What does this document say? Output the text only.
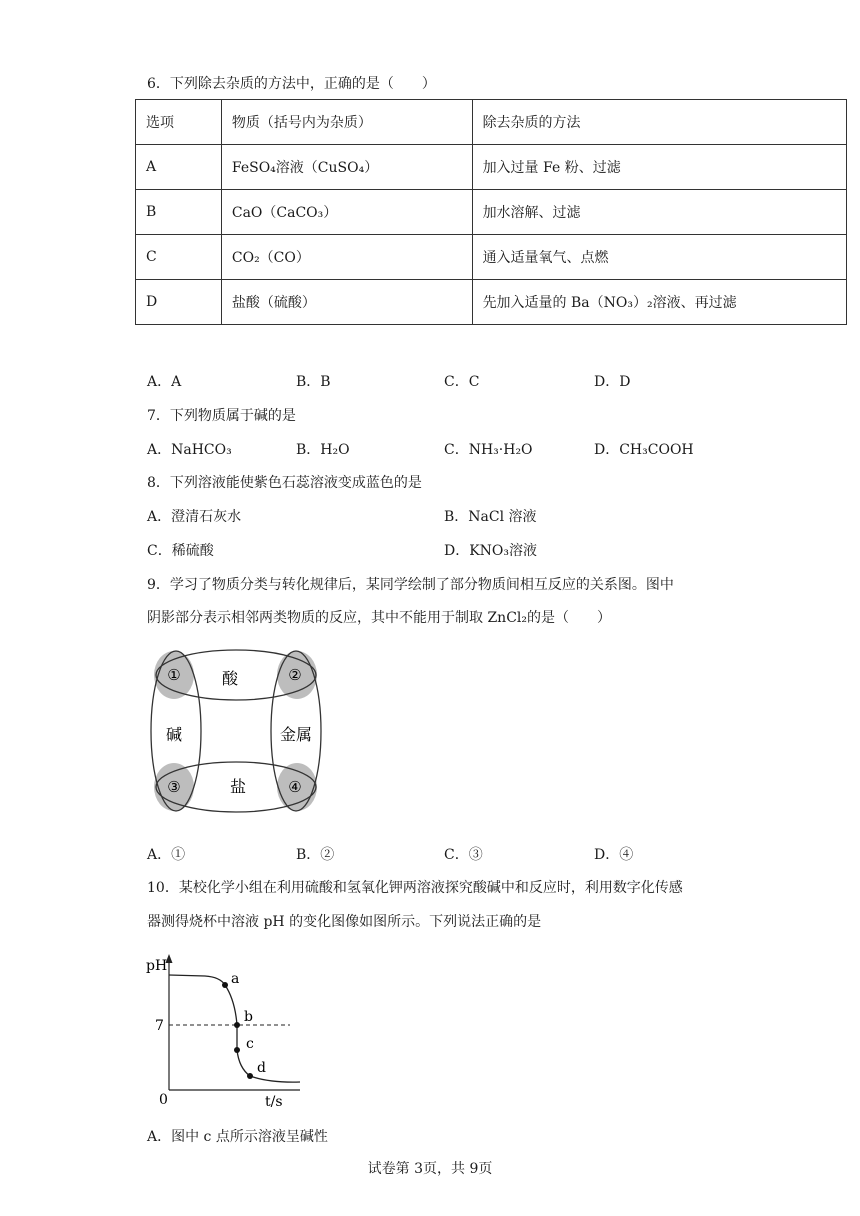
6．下列除去杂质的方法中，正确的是（　　）
选项	物质（括号内为杂质）	除去杂质的方法
A	FeSO₄溶液（CuSO₄）	加入过量 Fe 粉、过滤
B	CaO（CaCO₃）	加水溶解、过滤
C	CO₂（CO）	通入适量氧气、点燃
D	盐酸（硫酸）	先加入适量的 Ba（NO₃）₂溶液、再过滤
A．A	B．B	C．C	D．D
7．下列物质属于碱的是
A．NaHCO₃	B．H₂O	C．NH₃·H₂O	D．CH₃COOH
8．下列溶液能使紫色石蕊溶液变成蓝色的是
A．澄清石灰水	B．NaCl 溶液
C．稀硫酸	D．KNO₃溶液
9．学习了物质分类与转化规律后，某同学绘制了部分物质间相互反应的关系图。图中
阴影部分表示相邻两类物质的反应，其中不能用于制取 ZnCl₂的是（　　）
酸
碱	金属
盐
①	②
③	④
A．①	B．②	C．③	D．④
10．某校化学小组在利用硫酸和氢氧化钾两溶液探究酸碱中和反应时，利用数字化传感
器测得烧杯中溶液 pH 的变化图像如图所示。下列说法正确的是
pH
7
0	t/s
a
b
c
d
A．图中 c 点所示溶液呈碱性
试卷第 3页，共 9页
